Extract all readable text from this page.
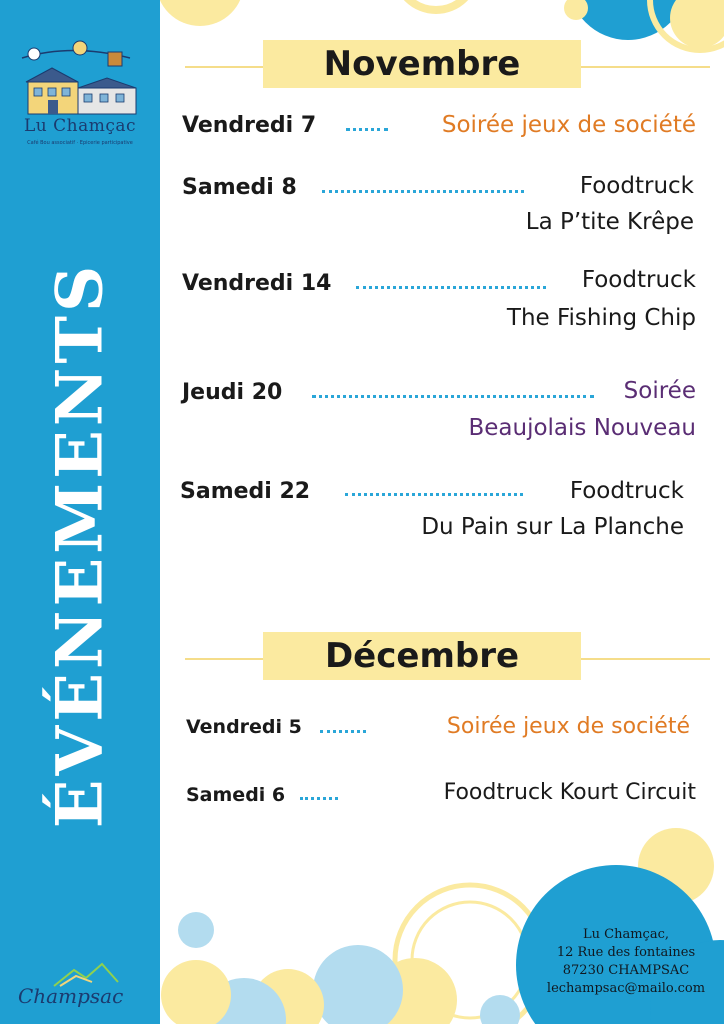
Lu Chamçac
Café Bou associatif · Epicerie participative
ÉVÉNEMENTS
Champsac
Novembre
Vendredi 7	Soirée jeux de société
Samedi 8	Foodtruck
La P’tite Krêpe
Vendredi 14	Foodtruck
The Fishing Chip
Jeudi 20	Soirée
Beaujolais Nouveau
Samedi 22	Foodtruck
Du Pain sur La Planche
Décembre
Vendredi 5	Soirée jeux de société
Samedi 6	Foodtruck Kourt Circuit
Lu Chamçac,
12 Rue des fontaines
87230 CHAMPSAC
lechampsac@mailo.com
